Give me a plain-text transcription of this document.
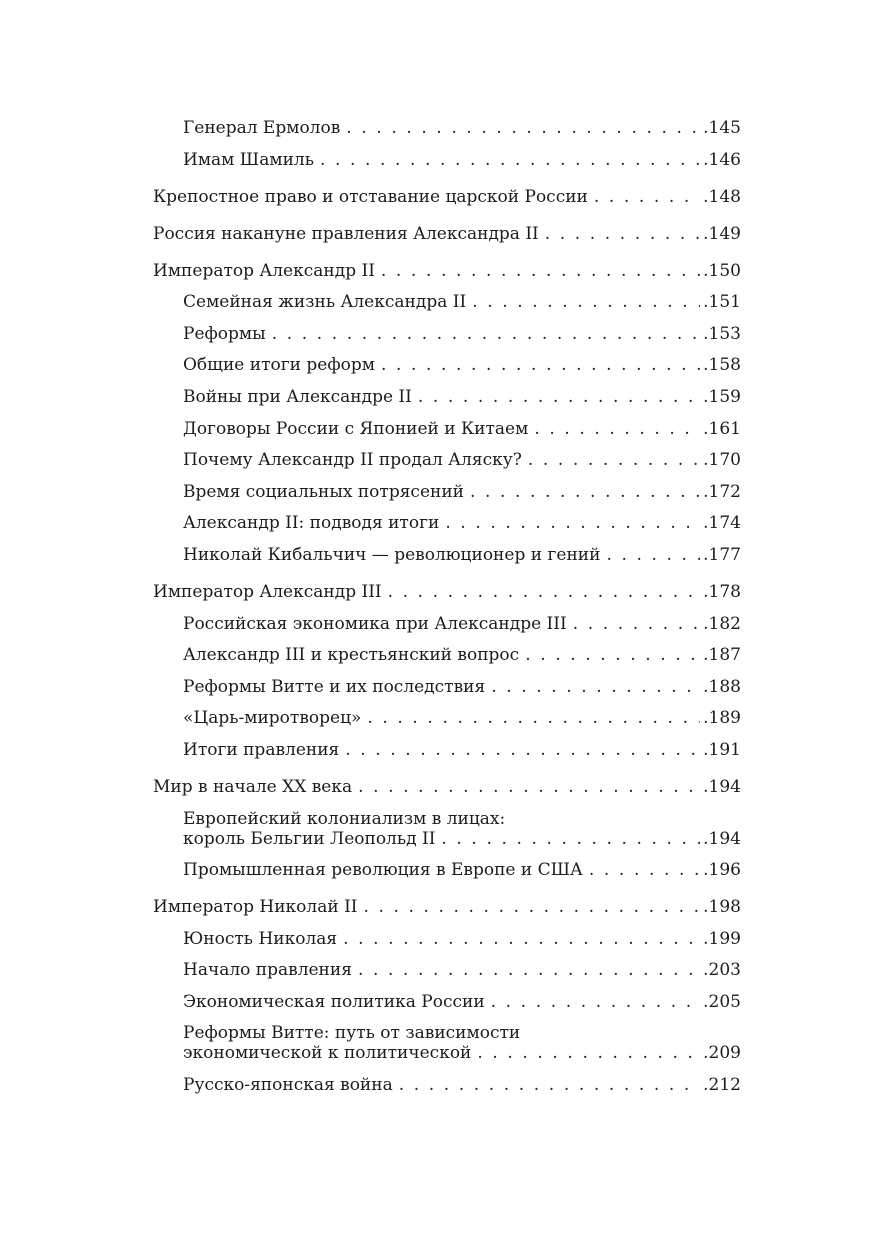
Генерал Ермолов . . .	.145
Имам Шамиль . . .	.146
Крепостное право и отставание царской России . . .	.148
Россия накануне правления Александра II . . .	.149
Император Александр II . . .	.150
Семейная жизнь Александра II . . .	.151
Реформы . . .	.153
Общие итоги реформ . . .	.158
Войны при Александре II . . .	.159
Договоры России с Японией и Китаем . . .	.161
Почему Александр II продал Аляску? . . .	.170
Время социальных потрясений . . .	.172
Александр II: подводя итоги . . .	.174
Николай Кибальчич — революционер и гений . . .	.177
Император Александр III . . .	.178
Российская экономика при Александре III . . .	.182
Александр III и крестьянский вопрос . . .	.187
Реформы Витте и их последствия . . .	.188
«Царь-миротворец» . . .	.189
Итоги правления . . .	.191
Мир в начале XX века . . .	.194
Европейский колониализм в лицах:
король Бельгии Леопольд II . . .	.194
Промышленная революция в Европе и США . . .	.196
Император Николай II . . .	.198
Юность Николая . . .	.199
Начало правления . . .	.203
Экономическая политика России . . .	.205
Реформы Витте: путь от зависимости
экономической к политической . . .	.209
Русско-японская война . . .	.212
